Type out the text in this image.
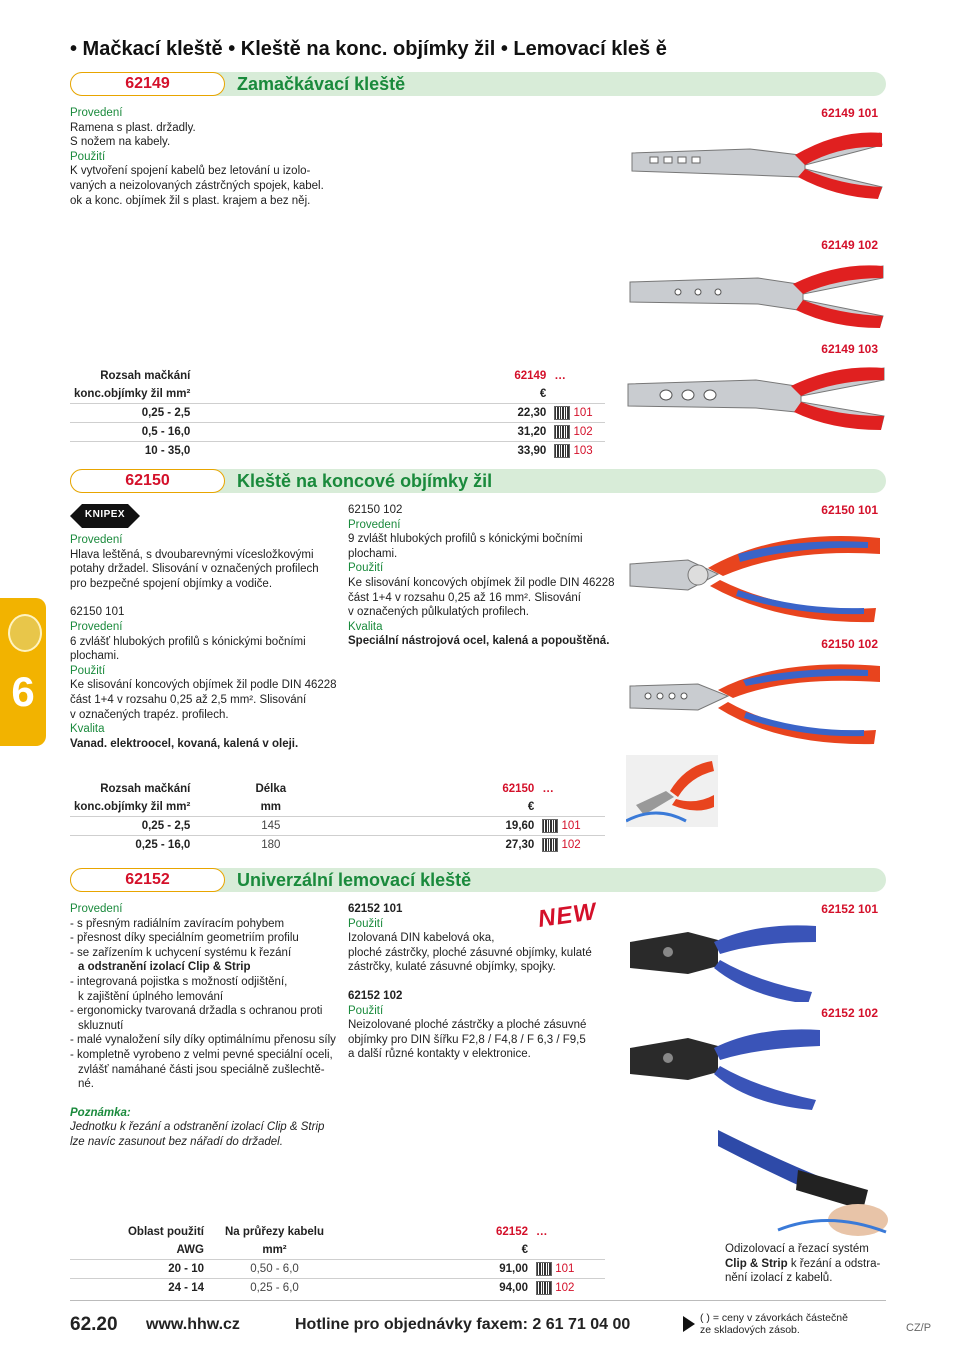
• Mačkací kleště • Kleště na konc. objímky žil • Lemovací kleš ě
6
62149	Zamačkávací kleště
Provedení
Ramena s plast. držadly.
S nožem na kabely.
Použití
K vytvoření spojení kabelů bez letování u izolo-
vaných a neizolovaných zástrčných spojek, kabel.
ok a konc. objímek žil s plast. krajem a bez něj.
62149 101
62149 102
62149 103
Rozsah mačkání		62149	…
konc.objímky žil mm²		€	
0,25 - 2,5		22,30	101
0,5 - 16,0		31,20	102
10 - 35,0		33,90	103
62150	Kleště na koncové objímky žil
KNIPEX
Provedení
Hlava leštěná, s dvoubarevnými vícesložkovými
potahy držadel. Slisování v označených profilech
pro bezpečné spojení objímky a vodiče.
62150 101
Provedení
6 zvlášť hlubokých profilů s kónickými bočními
plochami.
Použití
Ke slisování koncových objímek žil podle DIN 46228
část 1+4 v rozsahu 0,25 až 2,5 mm². Slisování
v označených trapéz. profilech.
Kvalita
Vanad. elektroocel, kovaná, kalená v oleji.
62150 102
Provedení
9 zvlášt hlubokých profilů s kónickými bočními
plochami.
Použití
Ke slisování koncových objímek žil podle DIN 46228
část 1+4 v rozsahu 0,25 až 16 mm². Slisování
v označených půlkulatých profilech.
Kvalita
Speciální nástrojová ocel, kalená a popouštěná.
62150 101
62150 102
Rozsah mačkání	Délka		62150	…
konc.objímky žil mm²	mm		€	
0,25 - 2,5	145		19,60	101
0,25 - 16,0	180		27,30	102
62152	Univerzální lemovací kleště
Provedení
- s přesným radiálním zavíracím pohybem
- přesnost díky speciálním geometriím profilu
- se zařízením k uchycení systému k řezání
a odstranění izolací Clip & Strip
- integrovaná pojistka s možností odjištění,
k zajištění úplného lemování
- ergonomicky tvarovaná držadla s ochranou proti
skluznutí
- malé vynaložení síly díky optimálnímu přenosu síly
- kompletně vyrobeno z velmi pevné speciální oceli,
zvlášť namáhané části jsou speciálně zušlechtě-
né.
Poznámka:
Jednotku k řezání a odstranění izolací Clip & Strip
lze navíc zasunout bez nářadí do držadel.
62152 101
Použití
Izolovaná DIN kabelová oka,
ploché zástrčky, ploché zásuvné objímky, kulaté
zástrčky, kulaté zásuvné objímky, spojky.
62152 102
Použití
Neizolované ploché zástrčky a ploché zásuvné
objímky pro DIN šířku F2,8 / F4,8 / F 6,3 / F9,5
a další různé kontakty v elektronice.
NEW	62152 101
62152 102
Odizolovací a řezací systém
Clip & Strip k řezání a odstra-
nění izolací z kabelů.
Oblast použití	Na průřezy kabelu		62152	…
AWG	mm²		€	
20 - 10	0,50 - 6,0		91,00	101
24 - 14	0,25 - 6,0		94,00	102
62.20 www.hhw.cz	Hotline pro objednávky faxem: 2 61 71 04 00	( ) = ceny v závorkách částečně
ze skladových zásob.	CZ/P
